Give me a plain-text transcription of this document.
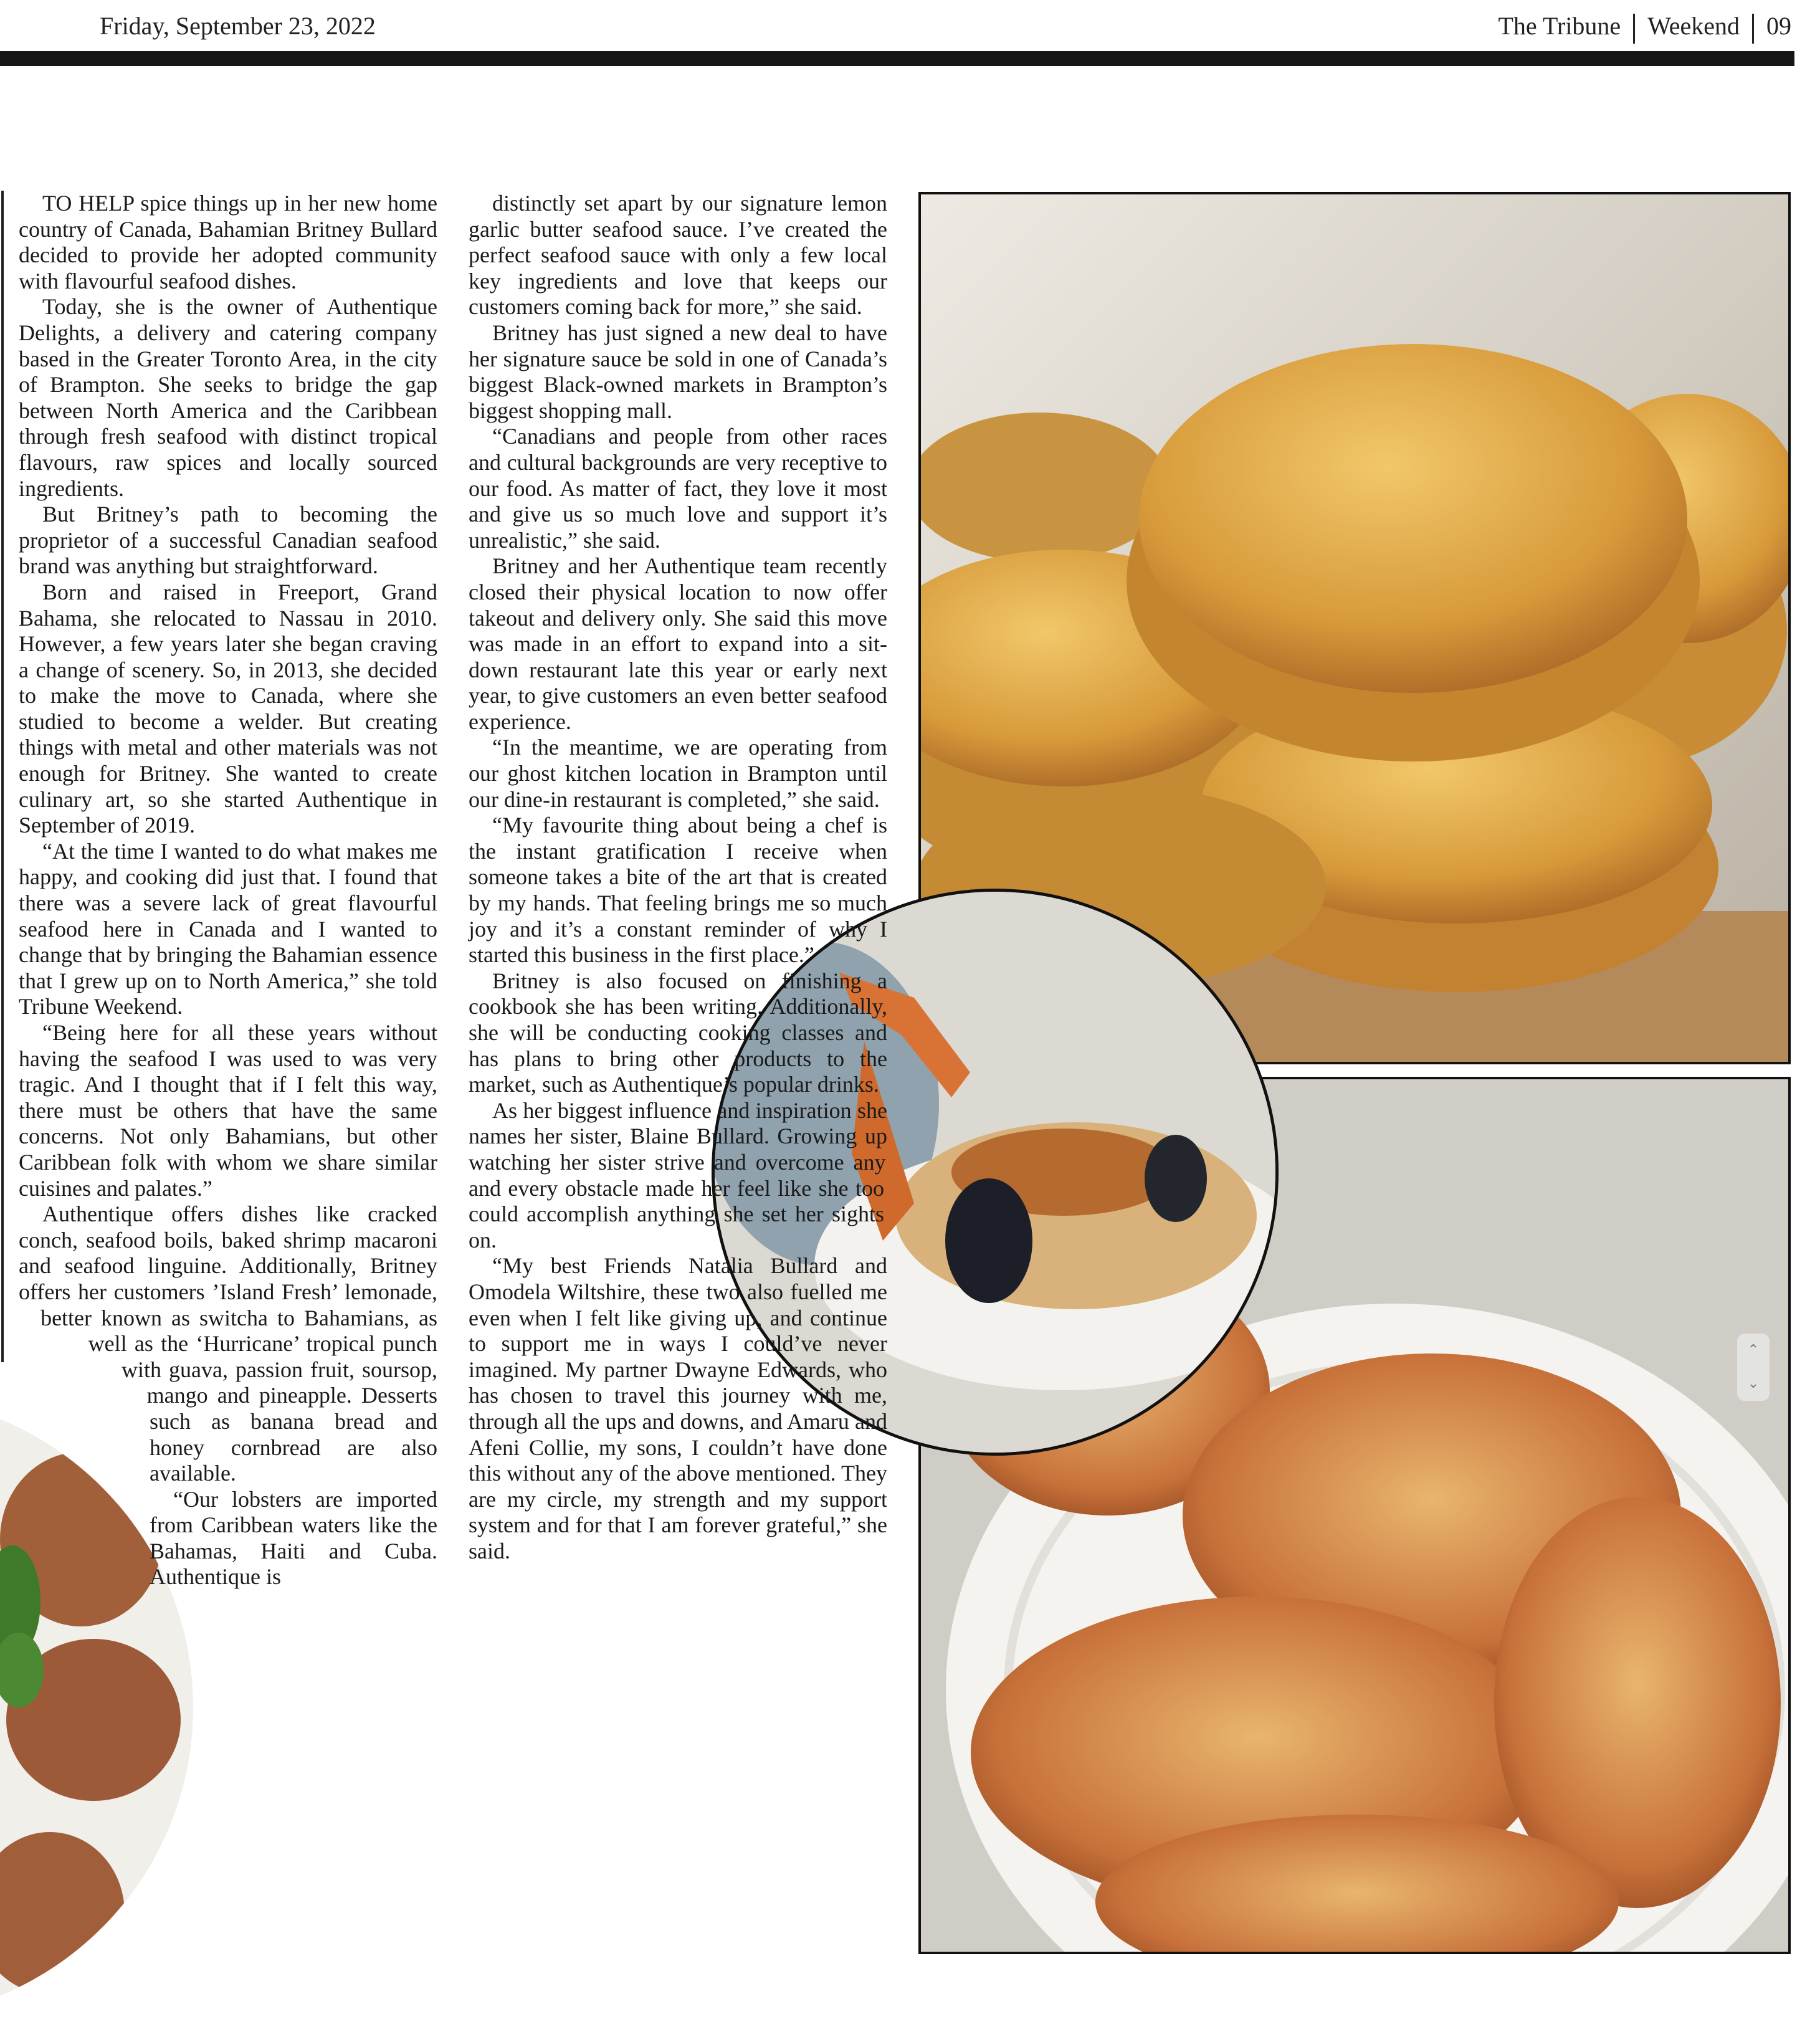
Friday, September 23, 2022	The Tribune Weekend 09

TO HELP spice things up in her new home country of Canada, Bahamian Britney Bullard decided to provide her adopted community with flavourful seafood dishes.

Today, she is the owner of Authentique Delights, a delivery and catering company based in the Greater Toronto Area, in the city of Brampton. She seeks to bridge the gap between North America and the Caribbean through fresh seafood with distinct tropical flavours, raw spices and locally sourced ingredients.

But Britney’s path to becoming the proprietor of a successful Canadian seafood brand was anything but straightforward.

Born and raised in Freeport, Grand Bahama, she relocated to Nassau in 2010. However, a few years later she began craving a change of scenery. So, in 2013, she decided to make the move to Canada, where she studied to become a welder. But creating things with metal and other materials was not enough for Britney. She wanted to create culinary art, so she started Authentique in September of 2019.

“At the time I wanted to do what makes me happy, and cooking did just that. I found that there was a severe lack of great flavourful seafood here in Canada and I wanted to change that by bringing the Bahamian essence that I grew up on to North America,” she told Tribune Weekend.

“Being here for all these years without having the seafood I was used to was very tragic. And I thought that if I felt this way, there must be others that have the same concerns. Not only Bahamians, but other Caribbean folk with whom we share similar cuisines and palates.”

Authentique offers dishes like cracked conch, seafood boils, baked shrimp macaroni and seafood linguine. Additionally, Britney offers her customers ’Island Fresh’ lemonade, better known as switcha to Bahamians, as well as the ‘Hurricane’ tropical punch with guava, passion fruit, soursop, mango and pineapple. Desserts such as banana bread and honey cornbread are also available.

“Our lobsters are imported from Caribbean waters like the Bahamas, Haiti and Cuba. Authentique is

distinctly set apart by our signature lemon garlic butter seafood sauce. I’ve created the perfect seafood sauce with only a few local key ingredients and love that keeps our customers coming back for more,” she said.

Britney has just signed a new deal to have her signature sauce be sold in one of Canada’s biggest Black-owned markets in Brampton’s biggest shopping mall.

“Canadians and people from other races and cultural backgrounds are very receptive to our food. As matter of fact, they love it most and give us so much love and support it’s unrealistic,” she said.

Britney and her Authentique team recently closed their physical location to now offer takeout and delivery only. She said this move was made in an effort to expand into a sit-down restaurant late this year or early next year, to give customers an even better seafood experience.

“In the meantime, we are operating from our ghost kitchen location in Brampton until our dine-in restaurant is completed,” she said.

“My favourite thing about being a chef is the instant gratification I receive when someone takes a bite of the art that is created by my hands. That feeling brings me so much joy and it’s a constant reminder of why I started this business in the first place.”

Britney is also focused on finishing a cookbook she has been writing. Additionally, she will be conducting cooking classes and has plans to bring other products to the market, such as Authentique’s popular drinks.

As her biggest influence and inspiration she names her sister, Blaine Bullard. Growing up watching her sister strive and overcome any and every obstacle made her feel like she too could accomplish anything she set her sights on.

“My best Friends Natalia Bullard and Omodela Wiltshire, these two also fuelled me even when I felt like giving up, and continue to support me in ways I could’ve never imagined. My partner Dwayne Edwards, who has chosen to travel this journey with me, through all the ups and downs, and Amaru and Afeni Collie, my sons, I couldn’t have done this without any of the above mentioned. They are my circle, my strength and my support system and for that I am forever grateful,” she said.

⌃
⌄
